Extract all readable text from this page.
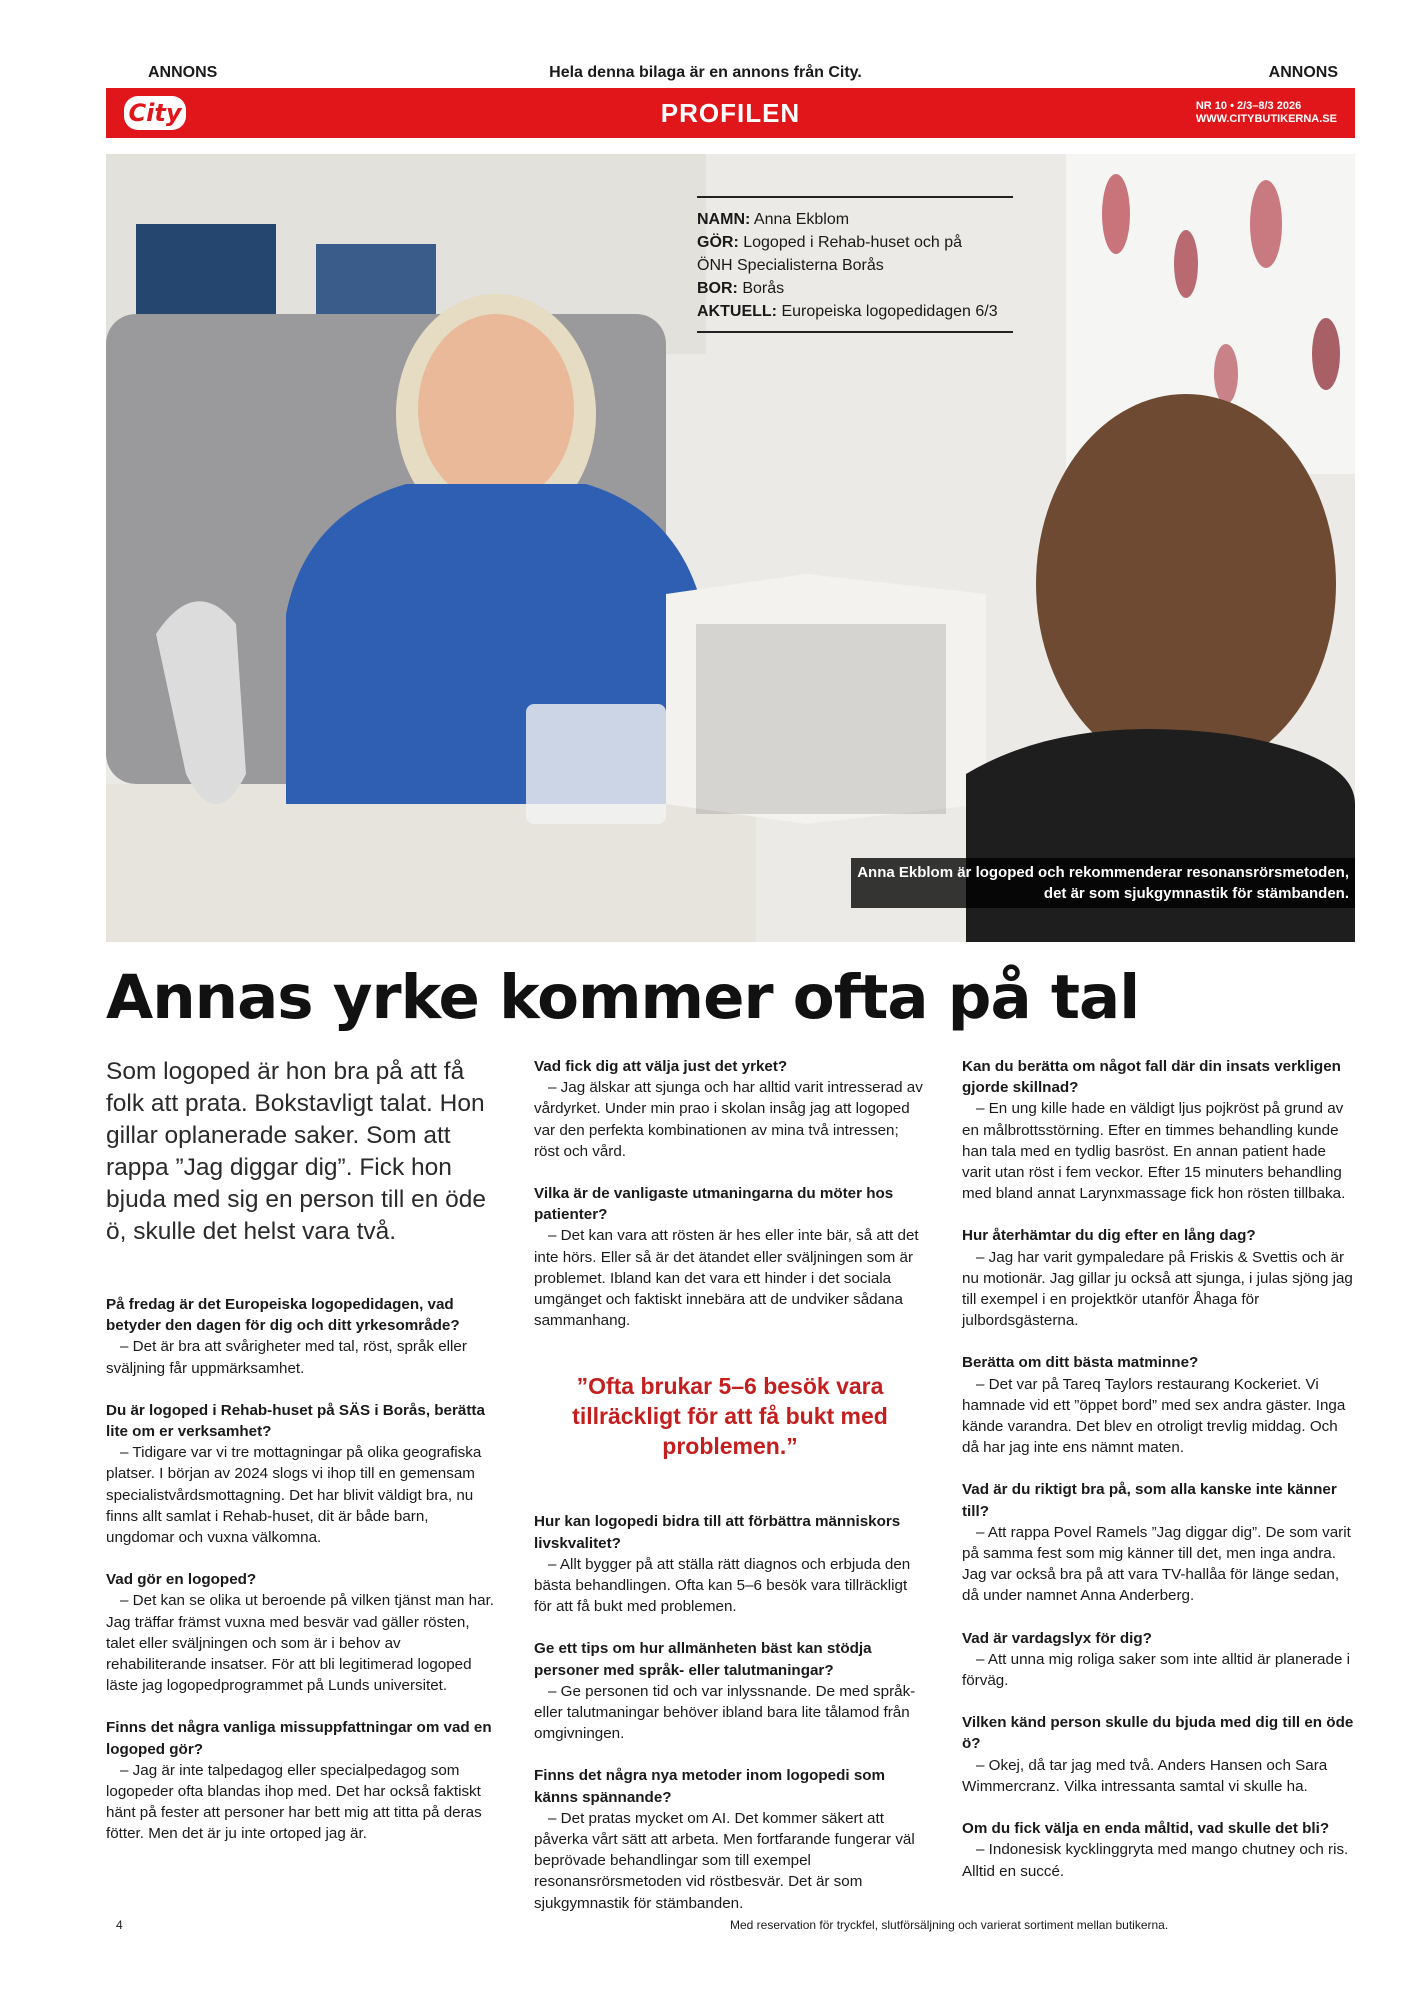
ANNONS	Hela denna bilaga är en annons från City.	ANNONS
City	PROFILEN	NR 10 • 2/3–8/3 2026
WWW.CITYBUTIKERNA.SE
Anna Ekblom är logoped och rekommenderar resonansrörsmetoden,
det är som sjukgymnastik för stämbanden.
NAMN: Anna Ekblom
GÖR: Logoped i Rehab-huset och på
ÖNH Specialisterna Borås
BOR: Borås
AKTUELL: Europeiska logopedidagen 6/3
Annas yrke kommer ofta på tal
Som logoped är hon bra på att få folk att prata. Bokstavligt talat. Hon gillar oplanerade saker. Som att rappa ”Jag diggar dig”. Fick hon bjuda med sig en person till en öde ö, skulle det helst vara två.

På fredag är det Europeiska logopedidagen, vad betyder den dagen för dig och ditt yrkesområde?

– Det är bra att svårigheter med tal, röst, språk eller sväljning får uppmärksamhet.

Du är logoped i Rehab-huset på SÄS i Borås, berätta lite om er verksamhet?

– Tidigare var vi tre mottagningar på olika geografiska platser. I början av 2024 slogs vi ihop till en gemensam specialistvårdsmottagning. Det har blivit väldigt bra, nu finns allt samlat i Rehab-huset, dit är både barn, ungdomar och vuxna välkomna.

Vad gör en logoped?

– Det kan se olika ut beroende på vilken tjänst man har. Jag träffar främst vuxna med besvär vad gäller rösten, talet eller sväljningen och som är i behov av rehabiliterande insatser. För att bli legitimerad logoped läste jag logopedprogrammet på Lunds universitet.

Finns det några vanliga missuppfattningar om vad en logoped gör?

– Jag är inte talpedagog eller specialpedagog som logopeder ofta blandas ihop med. Det har också faktiskt hänt på fester att personer har bett mig att titta på deras fötter. Men det är ju inte ortoped jag är.

Vad fick dig att välja just det yrket?

– Jag älskar att sjunga och har alltid varit intresserad av vårdyrket. Under min prao i skolan insåg jag att logoped var den perfekta kombinationen av mina två intressen; röst och vård.

Vilka är de vanligaste utmaningarna du möter hos patienter?

– Det kan vara att rösten är hes eller inte bär, så att det inte hörs. Eller så är det ätandet eller sväljningen som är problemet. Ibland kan det vara ett hinder i det sociala umgänget och faktiskt innebära att de undviker sådana sammanhang.

”Ofta brukar 5–6 besök vara tillräckligt för att få bukt med problemen.”

Hur kan logopedi bidra till att förbättra människors livskvalitet?

– Allt bygger på att ställa rätt diagnos och erbjuda den bästa behandlingen. Ofta kan 5–6 besök vara tillräckligt för att få bukt med problemen.

Ge ett tips om hur allmänheten bäst kan stödja personer med språk- eller talutmaningar?

– Ge personen tid och var inlyssnande. De med språk- eller talutmaningar behöver ibland bara lite tålamod från omgivningen.

Finns det några nya metoder inom logopedi som känns spännande?

– Det pratas mycket om AI. Det kommer säkert att påverka vårt sätt att arbeta. Men fortfarande fungerar väl beprövade behandlingar som till exempel resonansrörsmetoden vid röstbesvär. Det är som sjukgymnastik för stämbanden.

Kan du berätta om något fall där din insats verkligen gjorde skillnad?

– En ung kille hade en väldigt ljus pojkröst på grund av en målbrottsstörning. Efter en timmes behandling kunde han tala med en tydlig basröst. En annan patient hade varit utan röst i fem veckor. Efter 15 minuters behandling med bland annat Larynxmassage fick hon rösten tillbaka.

Hur återhämtar du dig efter en lång dag?

– Jag har varit gympaledare på Friskis & Svettis och är nu motionär. Jag gillar ju också att sjunga, i julas sjöng jag till exempel i en projektkör utanför Åhaga för julbordsgästerna.

Berätta om ditt bästa matminne?

– Det var på Tareq Taylors restaurang Kockeriet. Vi hamnade vid ett ”öppet bord” med sex andra gäster. Inga kände varandra. Det blev en otroligt trevlig middag. Och då har jag inte ens nämnt maten.

Vad är du riktigt bra på, som alla kanske inte känner till?

– Att rappa Povel Ramels ”Jag diggar dig”. De som varit på samma fest som mig känner till det, men inga andra. Jag var också bra på att vara TV-hallåa för länge sedan, då under namnet Anna Anderberg.

Vad är vardagslyx för dig?

– Att unna mig roliga saker som inte alltid är planerade i förväg.

Vilken känd person skulle du bjuda med dig till en öde ö?

– Okej, då tar jag med två. Anders Hansen och Sara Wimmercranz. Vilka intressanta samtal vi skulle ha.

Om du fick välja en enda måltid, vad skulle det bli?

– Indonesisk kycklinggryta med mango chutney och ris. Alltid en succé.

4	Med reservation för tryckfel, slutförsäljning och varierat sortiment mellan butikerna.
